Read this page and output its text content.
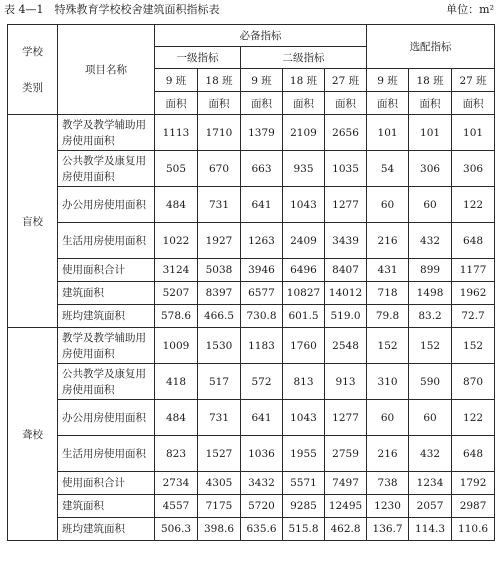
表 4—1　特殊教育学校校舍建筑面积指标表	单位：m²
学校

类别	项目名称	必备指标					选配指标		
		一级指标		二级指标					
		9 班	18 班	9 班	18 班	27 班	9 班	18 班	27 班
		面积	面积	面积	面积	面积	面积	面积	面积
盲校	教学及教学辅助用房使用面积	1113	1710	1379	2109	2656	101	101	101
	公共教学及康复用房使用面积	505	670	663	935	1035	54	306	306
	办公用房使用面积	484	731	641	1043	1277	60	60	122
	生活用房使用面积	1022	1927	1263	2409	3439	216	432	648
	使用面积合计	3124	5038	3946	6496	8407	431	899	1177
	建筑面积	5207	8397	6577	10827	14012	718	1498	1962
	班均建筑面积	578.6	466.5	730.8	601.5	519.0	79.8	83.2	72.7
聋校	教学及教学辅助用房使用面积	1009	1530	1183	1760	2548	152	152	152
	公共教学及康复用房使用面积	418	517	572	813	913	310	590	870
	办公用房使用面积	484	731	641	1043	1277	60	60	122
	生活用房使用面积	823	1527	1036	1955	2759	216	432	648
	使用面积合计	2734	4305	3432	5571	7497	738	1234	1792
	建筑面积	4557	7175	5720	9285	12495	1230	2057	2987
	班均建筑面积	506.3	398.6	635.6	515.8	462.8	136.7	114.3	110.6
